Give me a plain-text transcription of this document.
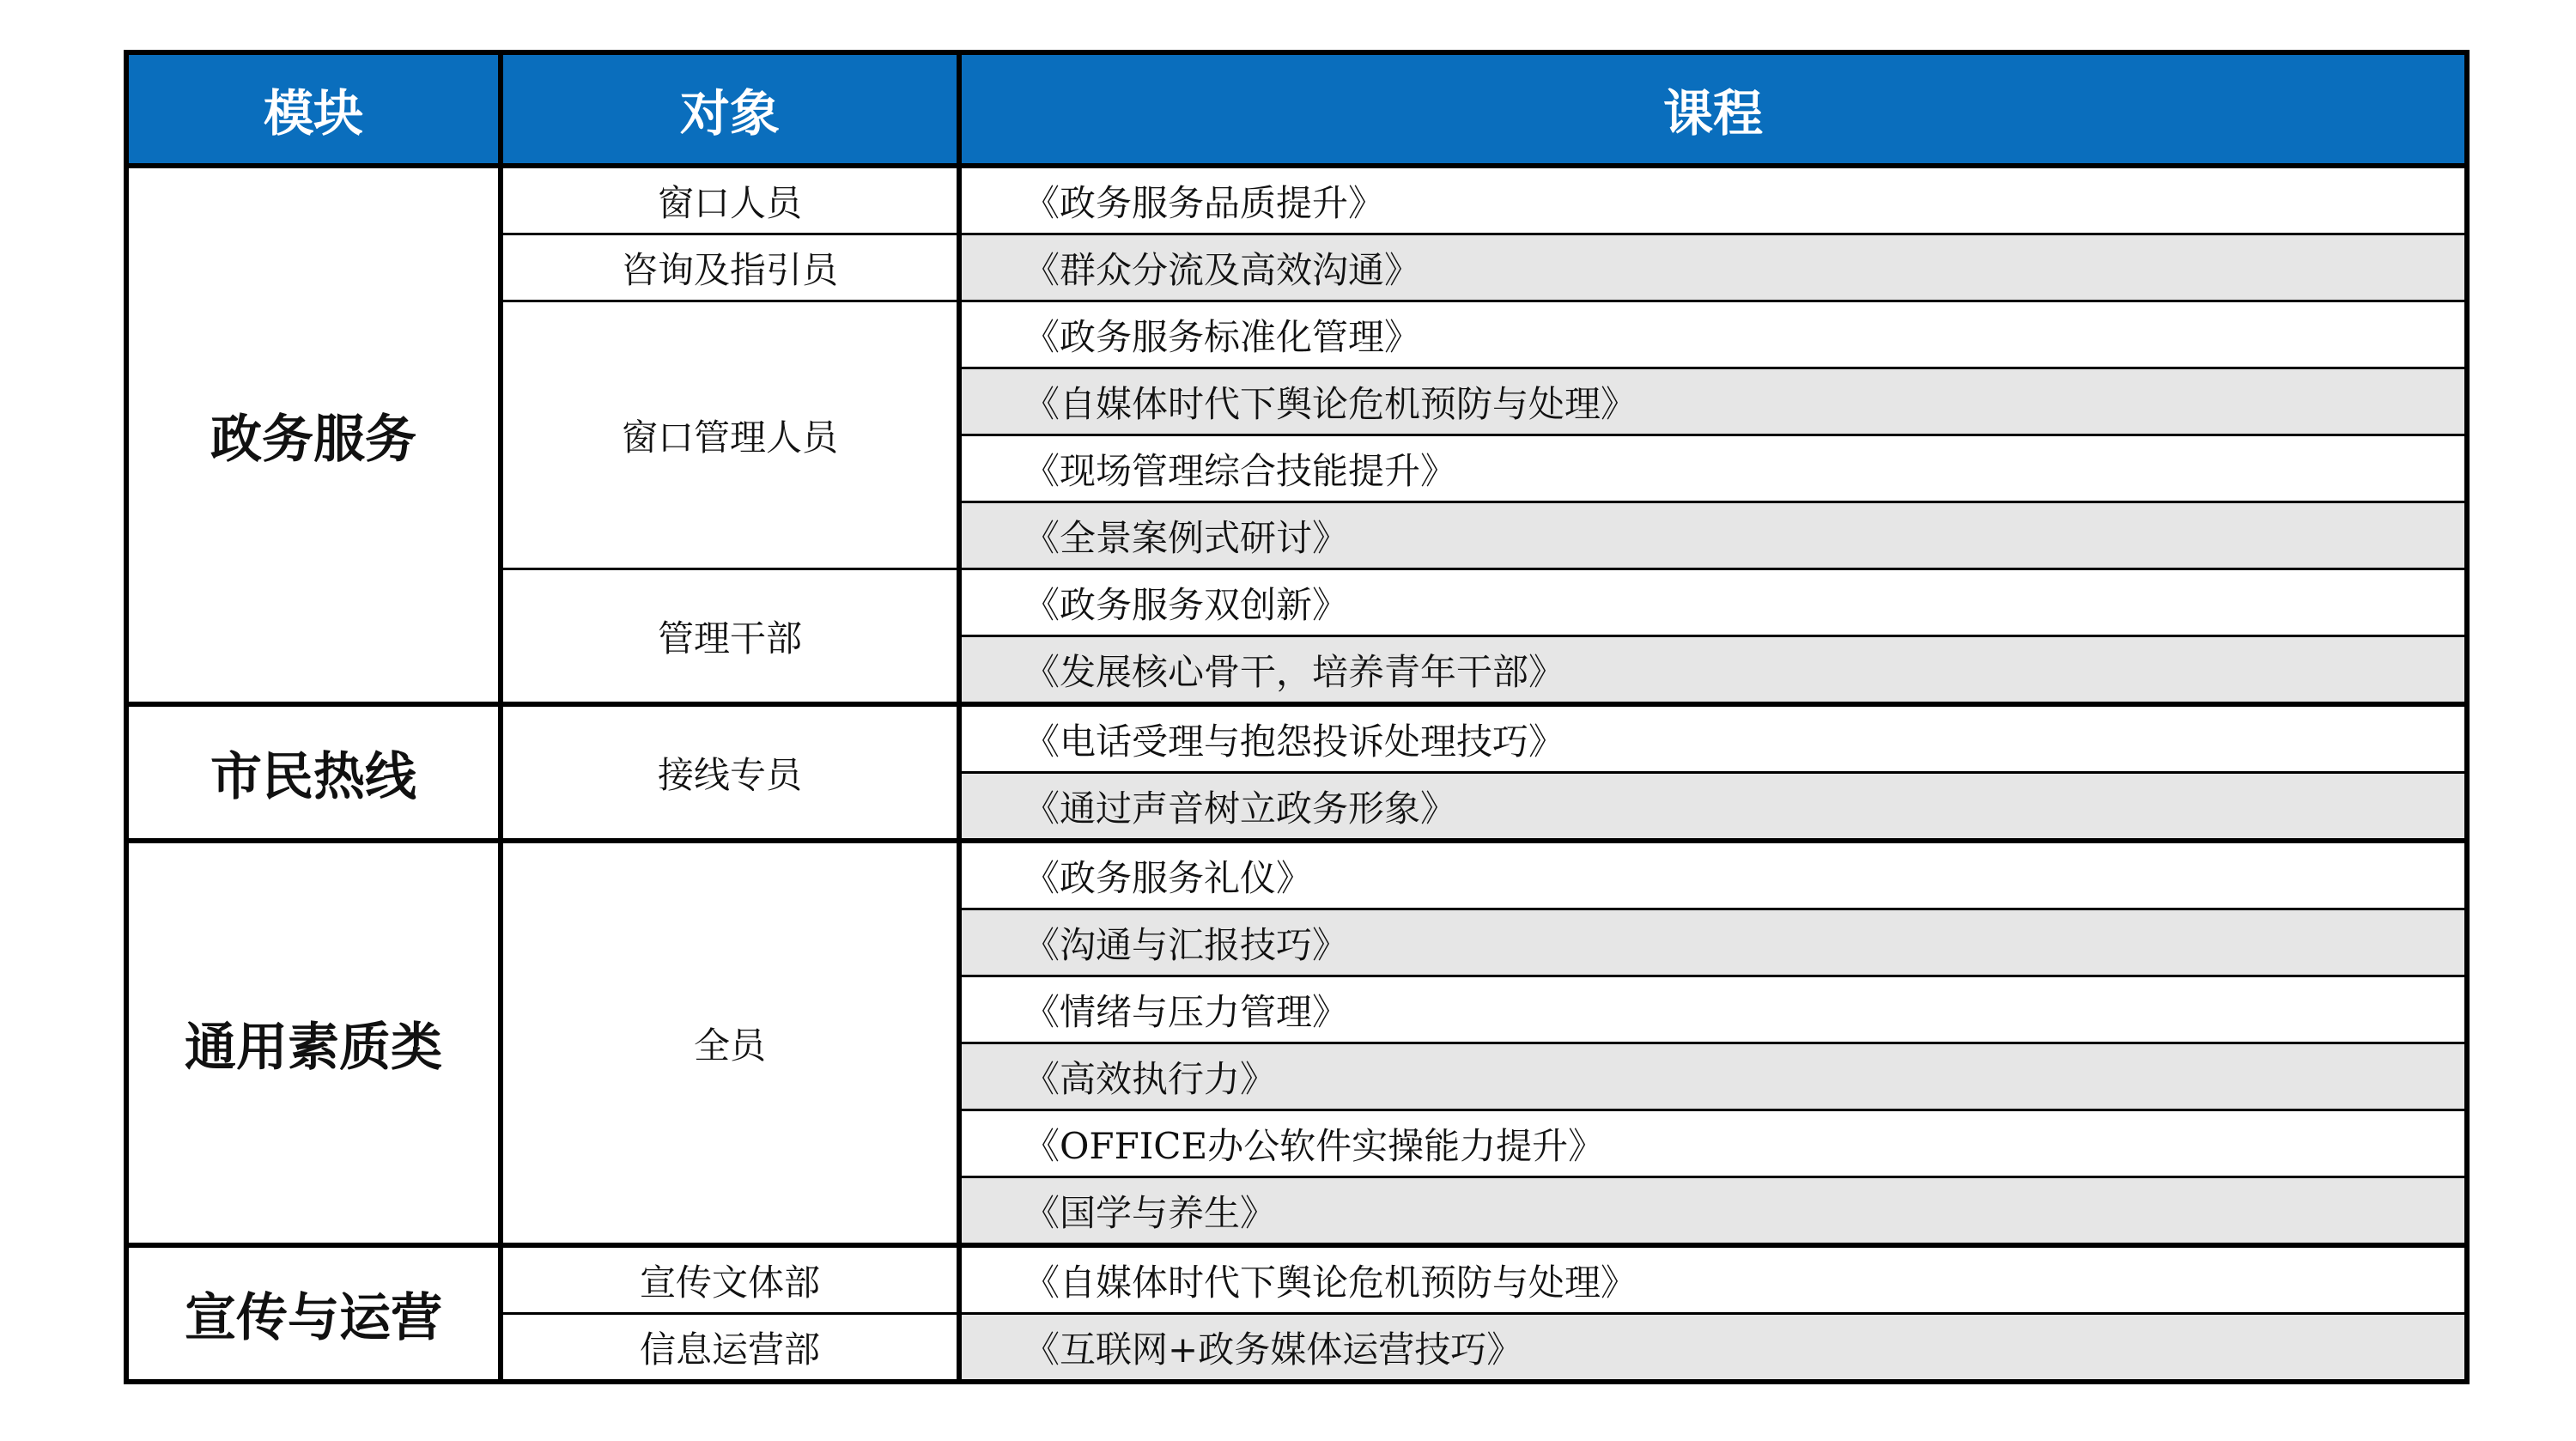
模块	对象	课程
政务服务	窗口人员	《政务服务品质提升》
	咨询及指引员	《群众分流及高效沟通》
	窗口管理人员	《政务服务标准化管理》
		《自媒体时代下舆论危机预防与处理》
		《现场管理综合技能提升》
		《全景案例式研讨》
	管理干部	《政务服务双创新》
		《发展核心骨干，培养青年干部》
市民热线	接线专员	《电话受理与抱怨投诉处理技巧》
		《通过声音树立政务形象》
通用素质类	全员	《政务服务礼仪》
		《沟通与汇报技巧》
		《情绪与压力管理》
		《高效执行力》
		《OFFICE办公软件实操能力提升》
		《国学与养生》
宣传与运营	宣传文体部	《自媒体时代下舆论危机预防与处理》
	信息运营部	《互联网+政务媒体运营技巧》
